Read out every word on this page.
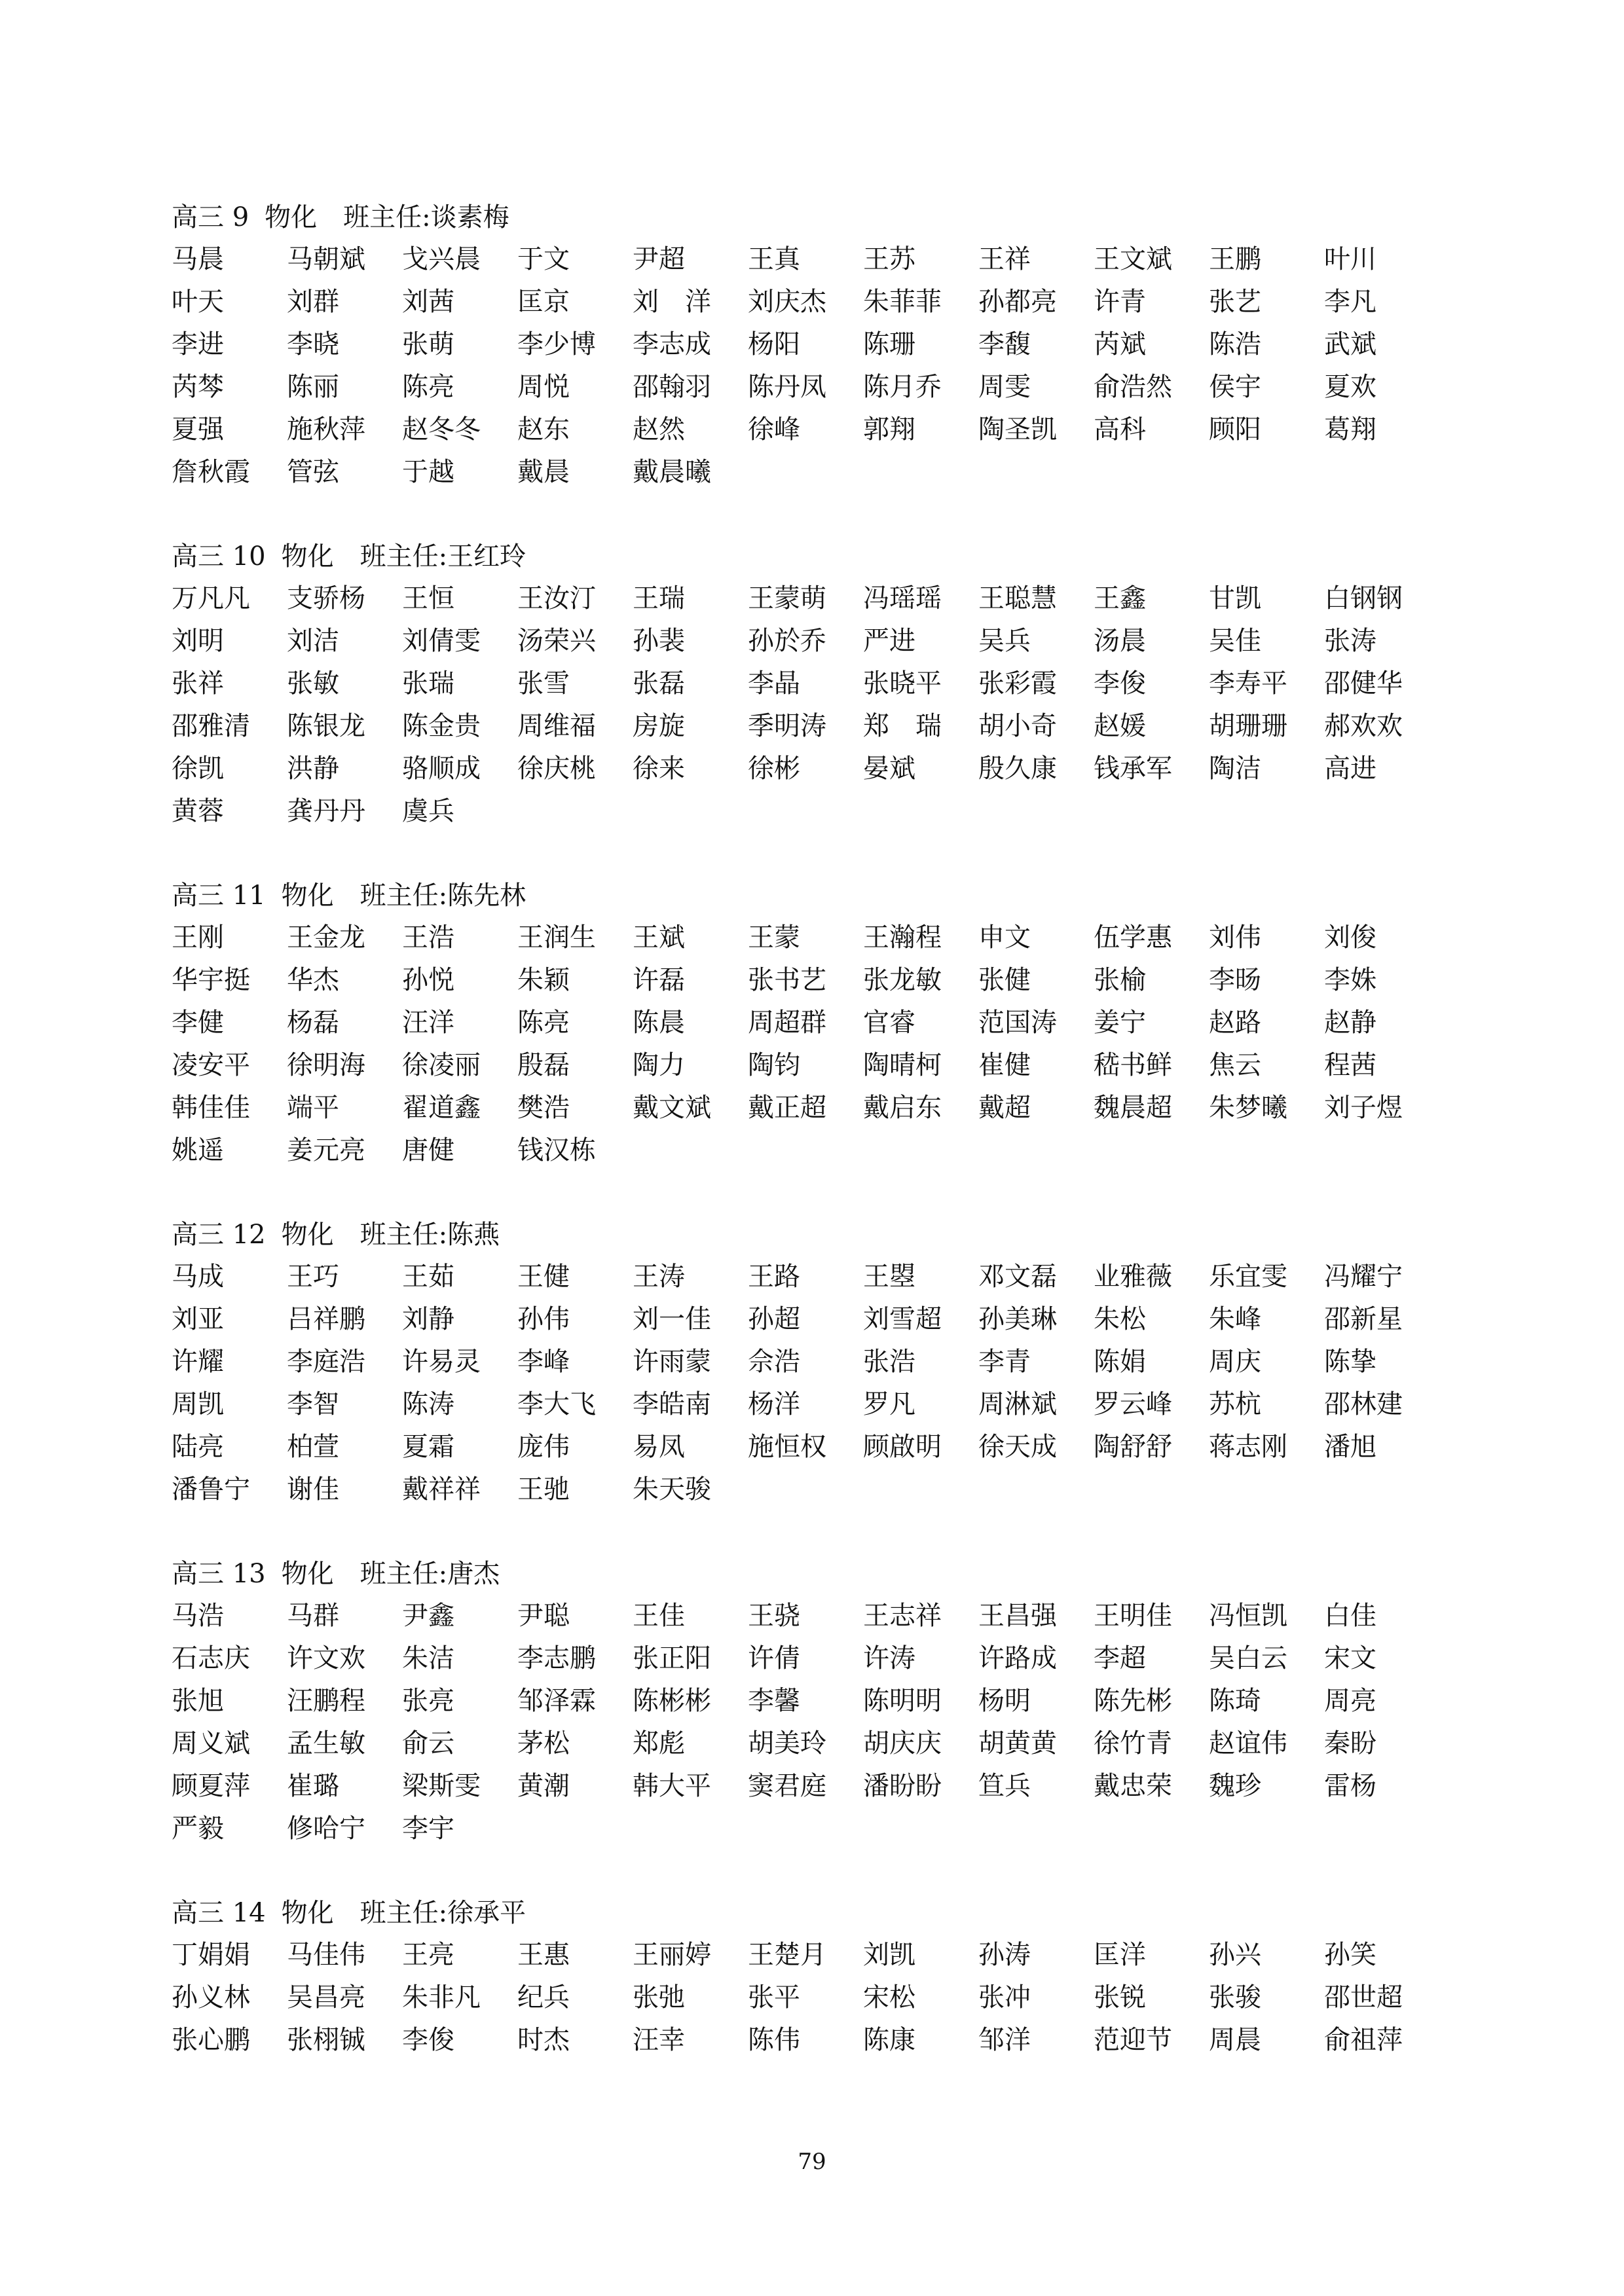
高三 9 物化 班主任:谈素梅
马晨	马朝斌	戈兴晨	于文	尹超	王真	王苏	王祥	王文斌	王鹏	叶川
叶天	刘群	刘茜	匡京	刘　洋	刘庆杰	朱菲菲	孙都亮	许青	张艺	李凡
李进	李晓	张萌	李少博	李志成	杨阳	陈珊	李馥	芮斌	陈浩	武斌
芮棽	陈丽	陈亮	周悦	邵翰羽	陈丹凤	陈月乔	周雯	俞浩然	侯宇	夏欢
夏强	施秋萍	赵冬冬	赵东	赵然	徐峰	郭翔	陶圣凯	高科	顾阳	葛翔
詹秋霞	管弦	于越	戴晨	戴晨曦
高三 10 物化 班主任:王红玲
万凡凡	支骄杨	王恒	王汝汀	王瑞	王蒙萌	冯瑶瑶	王聪慧	王鑫	甘凯	白钢钢
刘明	刘洁	刘倩雯	汤荣兴	孙裴	孙於乔	严进	吴兵	汤晨	吴佳	张涛
张祥	张敏	张瑞	张雪	张磊	李晶	张晓平	张彩霞	李俊	李寿平	邵健华
邵雅清	陈银龙	陈金贵	周维福	房旋	季明涛	郑　瑞	胡小奇	赵媛	胡珊珊	郝欢欢
徐凯	洪静	骆顺成	徐庆桃	徐来	徐彬	晏斌	殷久康	钱承军	陶洁	高进
黄蓉	龚丹丹	虞兵
高三 11 物化 班主任:陈先林
王刚	王金龙	王浩	王润生	王斌	王蒙	王瀚程	申文	伍学惠	刘伟	刘俊
华宇挺	华杰	孙悦	朱颖	许磊	张书艺	张龙敏	张健	张榆	李旸	李姝
李健	杨磊	汪洋	陈亮	陈晨	周超群	官睿	范国涛	姜宁	赵路	赵静
凌安平	徐明海	徐凌丽	殷磊	陶力	陶钧	陶晴柯	崔健	嵇书鲜	焦云	程茜
韩佳佳	端平	翟道鑫	樊浩	戴文斌	戴正超	戴启东	戴超	魏晨超	朱梦曦	刘子煜
姚遥	姜元亮	唐健	钱汉栋
高三 12 物化 班主任:陈燕
马成	王巧	王茹	王健	王涛	王路	王曌	邓文磊	业雅薇	乐宜雯	冯耀宁
刘亚	吕祥鹏	刘静	孙伟	刘一佳	孙超	刘雪超	孙美琳	朱松	朱峰	邵新星
许耀	李庭浩	许易灵	李峰	许雨蒙	佘浩	张浩	李青	陈娟	周庆	陈挚
周凯	李智	陈涛	李大飞	李皓南	杨洋	罗凡	周淋斌	罗云峰	苏杭	邵林建
陆亮	柏萱	夏霜	庞伟	易凤	施恒权	顾啟明	徐天成	陶舒舒	蒋志刚	潘旭
潘鲁宁	谢佳	戴祥祥	王驰	朱天骏
高三 13 物化 班主任:唐杰
马浩	马群	尹鑫	尹聪	王佳	王骁	王志祥	王昌强	王明佳	冯恒凯	白佳
石志庆	许文欢	朱洁	李志鹏	张正阳	许倩	许涛	许路成	李超	吴白云	宋文
张旭	汪鹏程	张亮	邹泽霖	陈彬彬	李馨	陈明明	杨明	陈先彬	陈琦	周亮
周义斌	孟生敏	俞云	茅松	郑彪	胡美玲	胡庆庆	胡黄黄	徐竹青	赵谊伟	秦盼
顾夏萍	崔璐	梁斯雯	黄潮	韩大平	窦君庭	潘盼盼	笪兵	戴忠荣	魏珍	雷杨
严毅	修哈宁	李宇
高三 14 物化 班主任:徐承平
丁娟娟	马佳伟	王亮	王惠	王丽婷	王楚月	刘凯	孙涛	匡洋	孙兴	孙笑
孙义林	吴昌亮	朱非凡	纪兵	张弛	张平	宋松	张冲	张锐	张骏	邵世超
张心鹏	张栩铖	李俊	时杰	汪幸	陈伟	陈康	邹洋	范迎节	周晨	俞祖萍
79
